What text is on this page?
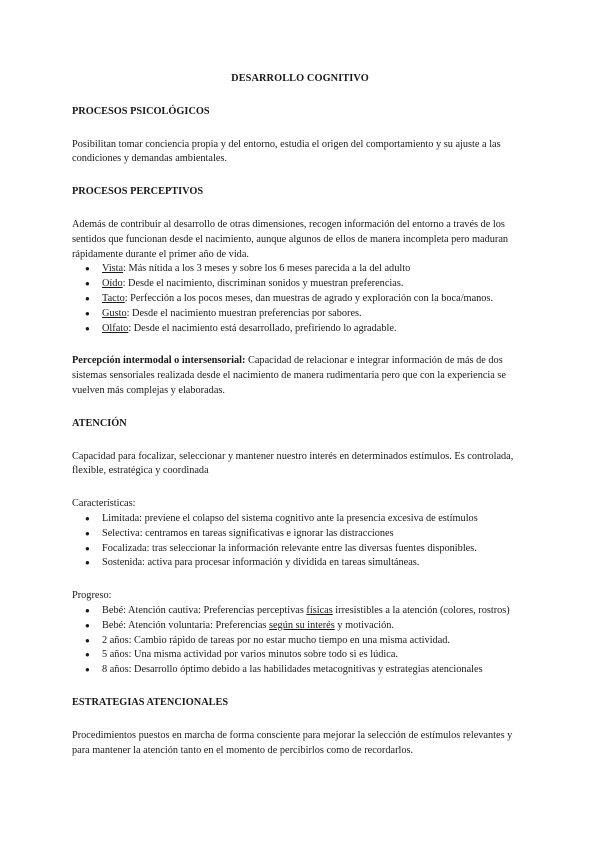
DESARROLLO COGNITIVO
PROCESOS PSICOLÓGICOS

Posibilitan tomar conciencia propia y del entorno, estudia el origen del comportamiento y su ajuste a las condiciones y demandas ambientales.

PROCESOS PERCEPTIVOS

Además de contribuir al desarrollo de otras dimensiones, recogen información del entorno a través de los sentidos que funcionan desde el nacimiento, aunque algunos de ellos de manera incompleta pero maduran rápidamente durante el primer año de vida.

● Vista: Más nítida a los 3 meses y sobre los 6 meses parecida a la del adulto
● Oído: Desde el nacimiento, discriminan sonidos y muestran preferencias.
● Tacto: Perfección a los pocos meses, dan muestras de agrado y exploración con la boca/manos.
● Gusto: Desde el nacimiento muestran preferencias por sabores.
● Olfato: Desde el nacimiento está desarrollado, prefiriendo lo agradable.

Percepción intermodal o intersensorial: Capacidad de relacionar e integrar información de más de dos sistemas sensoriales realizada desde el nacimiento de manera rudimentaria pero que con la experiencia se vuelven más complejas y elaboradas.

ATENCIÓN

Capacidad para focalizar, seleccionar y mantener nuestro interés en determinados estímulos. Es controlada, flexible, estratégica y coordinada

Características:

● Limitada: previene el colapso del sistema cognitivo ante la presencia excesiva de estímulos
● Selectiva: centramos en tareas significativas e ignorar las distracciones
● Focalizada: tras seleccionar la información relevante entre las diversas fuentes disponibles.
● Sostenida: activa para procesar información y dividida en tareas simultáneas.

Progreso:

● Bebé: Atención cautiva: Preferencias perceptivas físicas irresistibles a la atención (colores, rostros)
● Bebé: Atención voluntaria: Preferencias según su interés y motivación.
● 2 años: Cambio rápido de tareas por no estar mucho tiempo en una misma actividad.
● 5 años: Una misma actividad por varios minutos sobre todo si es lúdica.
● 8 años: Desarrollo óptimo debido a las habilidades metacognitivas y estrategias atencionales
ESTRATEGIAS ATENCIONALES

Procedimientos puestos en marcha de forma consciente para mejorar la selección de estímulos relevantes y para mantener la atención tanto en el momento de percibirlos como de recordarlos.
